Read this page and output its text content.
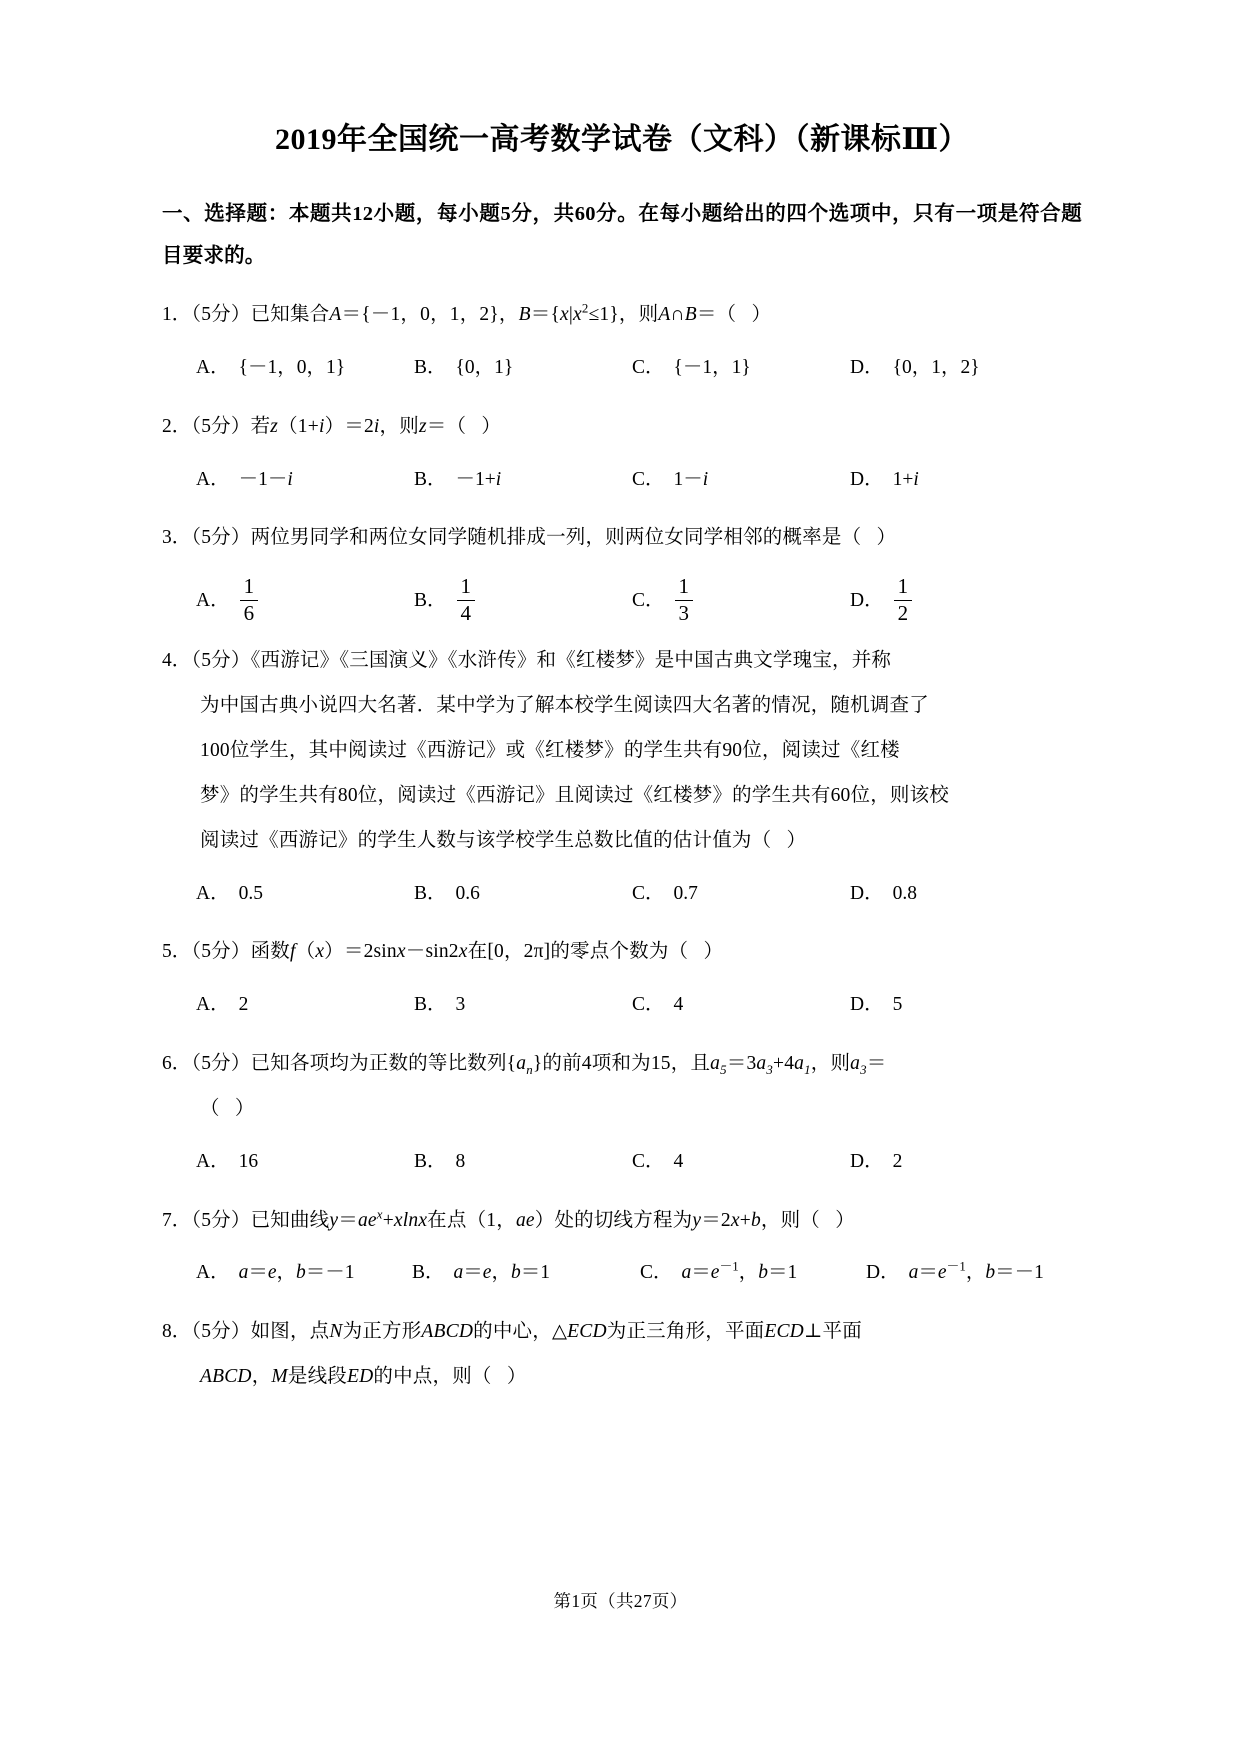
2019年全国统一高考数学试卷（文科）（新课标Ⅲ）
一、选择题：本题共12小题，每小题5分，共60分。在每小题给出的四个选项中，只有一项是符合题目要求的。
1．（5分）已知集合A＝{－1，0，1，2}，$B=\{x|x^2\le 1\}$，则A∩B＝（   ）
A． {－1，0，1}	B． {0，1}	C． {－1，1}	D． {0，1，2}
2．（5分）若z（1+i）＝2i，则z＝（   ）
A． －1－i	B． －1+i	C． 1－i	D． 1+i
3．（5分）两位男同学和两位女同学随机排成一列，则两位女同学相邻的概率是（   ）
A． $\frac{1}{6}$	B． $\frac{1}{4}$	C． $\frac{1}{3}$	D． $\frac{1}{2}$
4．（5分）《西游记》《三国演义》《水浒传》和《红楼梦》是中国古典文学瑰宝，并称
为中国古典小说四大名著．某中学为了解本校学生阅读四大名著的情况，随机调查了
100位学生，其中阅读过《西游记》或《红楼梦》的学生共有90位，阅读过《红楼
梦》的学生共有80位，阅读过《西游记》且阅读过《红楼梦》的学生共有60位，则该校
阅读过《西游记》的学生人数与该学校学生总数比值的估计值为（   ）
A． 0.5	B． 0.6	C． 0.7	D． 0.8
5．（5分）函数f（x）＝2sinx－sin2x在[0，2π]的零点个数为（   ）
A． 2	B． 3	C． 4	D． 5
6．（5分）已知各项均为正数的等比数列$\{a_n\}$的前4项和为15，且$a_5=3a_3+4a_1$，则$a_3=$
（   ）
A． 16	B． 8	C． 4	D． 2
7．（5分）已知曲线$y=ae^x+xlnx$在点（1，ae）处的切线方程为y＝2x+b，则（   ）
A． a＝e，b＝－1	B． a＝e，b＝1	C． $a=e^{-1}$，b＝1	D． $a=e^{-1}$，b＝－1
8．（5分）如图，点N为正方形ABCD的中心，△ECD为正三角形，平面ECD⊥平面
ABCD，M是线段ED的中点，则（   ）
第1页（共27页）
